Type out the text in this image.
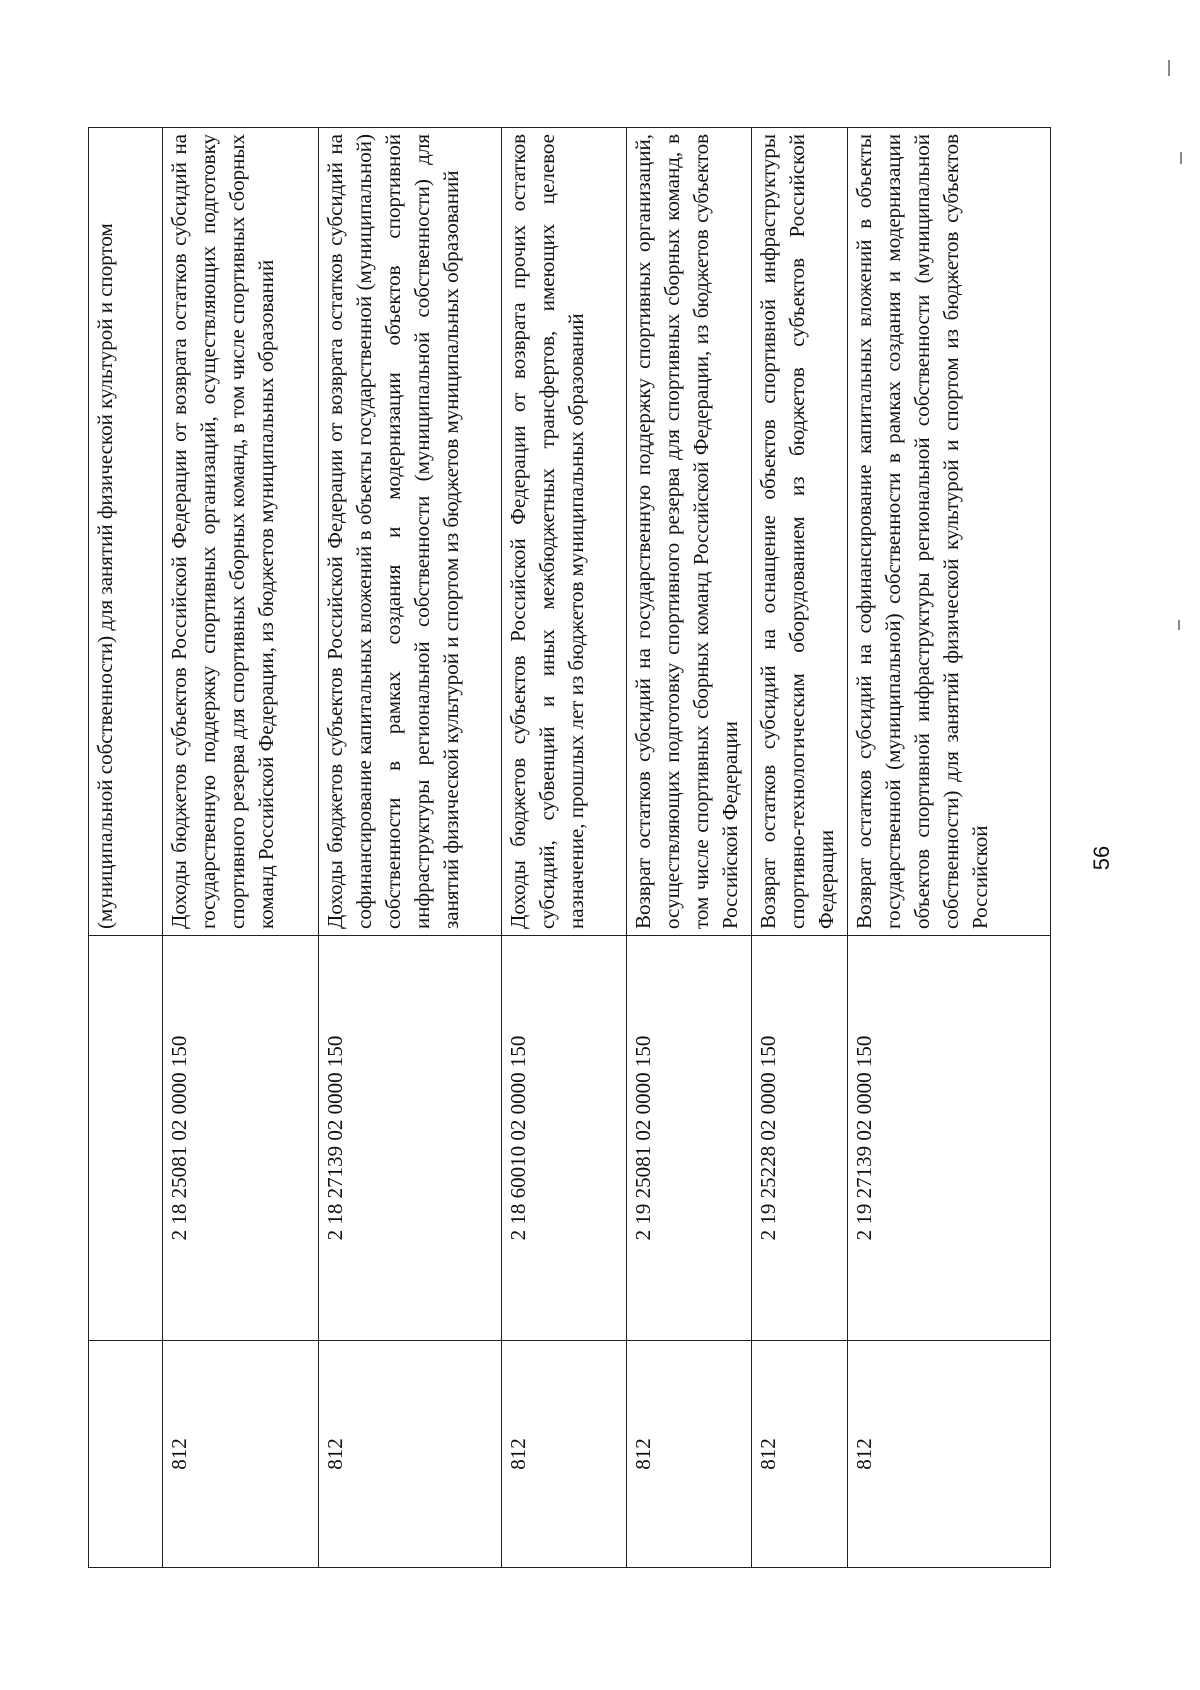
		(муниципальной собственности) для занятий физической культурой и спортом
812	2 18 25081 02 0000 150	Доходы бюджетов субъектов Российской Федерации от возврата остатков субсидий на государственную поддержку спортивных организаций, осуществляющих подготовку спортивного резерва для спортивных сборных команд, в том числе спортивных сборных команд Российской Федерации, из бюджетов муниципальных образований
812	2 18 27139 02 0000 150	Доходы бюджетов субъектов Российской Федерации от возврата остатков субсидий на софинансирование капитальных вложений в объекты государственной (муниципальной) собственности в рамках создания и модернизации объектов спортивной инфраструктуры региональной собственности (муниципальной собственности) для занятий физической культурой и спортом из бюджетов муниципальных образований
812	2 18 60010 02 0000 150	Доходы бюджетов субъектов Российской Федерации от возврата прочих остатков субсидий, субвенций и иных межбюджетных трансфертов, имеющих целевое назначение, прошлых лет из бюджетов муниципальных образований
812	2 19 25081 02 0000 150	Возврат остатков субсидий на государственную поддержку спортивных организаций, осуществляющих подготовку спортивного резерва для спортивных сборных команд, в том числе спортивных сборных команд Российской Федерации, из бюджетов субъектов Российской Федерации
812	2 19 25228 02 0000 150	Возврат остатков субсидий на оснащение объектов спортивной инфраструктуры спортивно-технологическим оборудованием из бюджетов субъектов Российской Федерации
812	2 19 27139 02 0000 150	Возврат остатков субсидий на софинансирование капитальных вложений в объекты государственной (муниципальной) собственности в рамках создания и модернизации объектов спортивной инфраструктуры региональной собственности (муниципальной собственности) для занятий физической культурой и спортом из бюджетов субъектов Российской	56
